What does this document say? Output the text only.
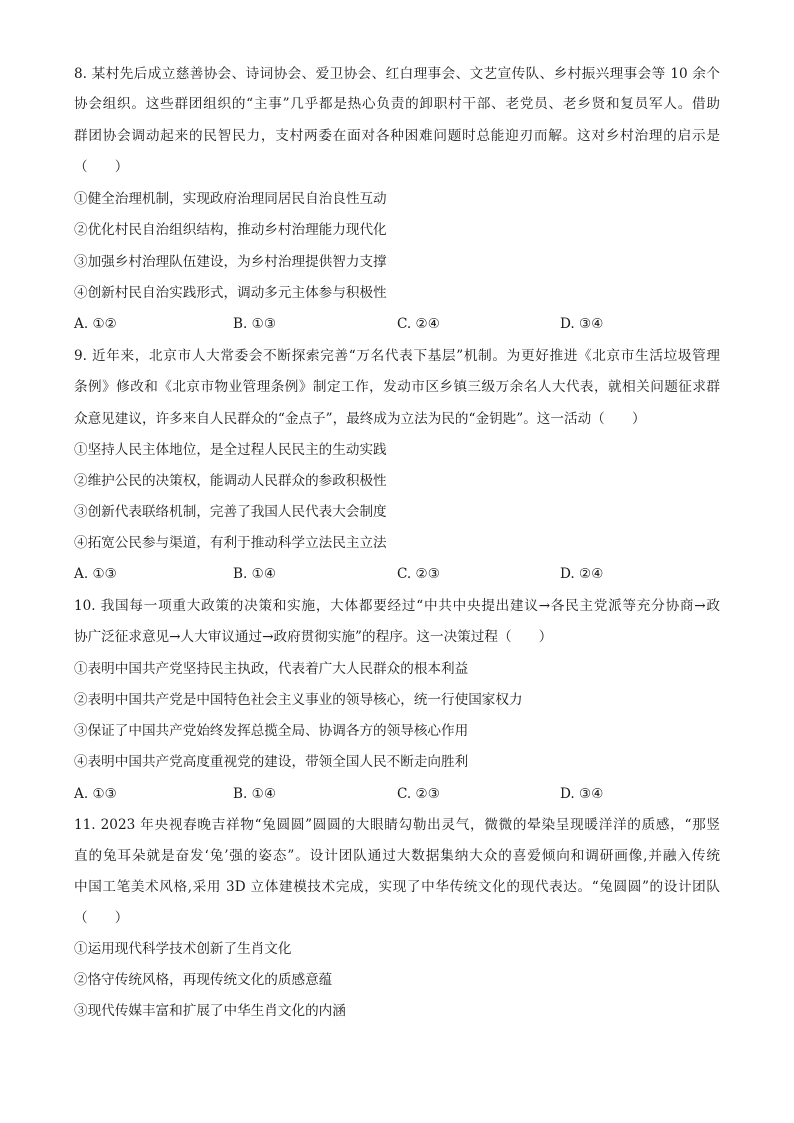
8. 某村先后成立慈善协会、诗词协会、爱卫协会、红白理事会、文艺宣传队、乡村振兴理事会等 10 余个
协会组织。这些群团组织的“主事”几乎都是热心负责的卸职村干部、老党员、老乡贤和复员军人。借助
群团协会调动起来的民智民力，支村两委在面对各种困难问题时总能迎刃而解。这对乡村治理的启示是
（　　）
①健全治理机制，实现政府治理同居民自治良性互动
②优化村民自治组织结构，推动乡村治理能力现代化
③加强乡村治理队伍建设，为乡村治理提供智力支撑
④创新村民自治实践形式，调动多元主体参与积极性
A. ①②	B. ①③	C. ②④	D. ③④
9. 近年来，北京市人大常委会不断探索完善“万名代表下基层”机制。为更好推进《北京市生活垃圾管理
条例》修改和《北京市物业管理条例》制定工作，发动市区乡镇三级万余名人大代表，就相关问题征求群
众意见建议，许多来自人民群众的“金点子”，最终成为立法为民的“金钥匙”。这一活动（　　）
①坚持人民主体地位，是全过程人民民主的生动实践
②维护公民的决策权，能调动人民群众的参政积极性
③创新代表联络机制，完善了我国人民代表大会制度
④拓宽公民参与渠道，有利于推动科学立法民主立法
A. ①③	B. ①④	C. ②③	D. ②④
10. 我国每一项重大政策的决策和实施，大体都要经过“中共中央提出建议→各民主党派等充分协商→政
协广泛征求意见→人大审议通过→政府贯彻实施”的程序。这一决策过程（　　）
①表明中国共产党坚持民主执政，代表着广大人民群众的根本利益
②表明中国共产党是中国特色社会主义事业的领导核心，统一行使国家权力
③保证了中国共产党始终发挥总揽全局、协调各方的领导核心作用
④表明中国共产党高度重视党的建设，带领全国人民不断走向胜利
A. ①③	B. ①④	C. ②③	D. ③④
11. 2023 年央视春晚吉祥物“兔圆圆”圆圆的大眼睛勾勒出灵气，微微的晕染呈现暖洋洋的质感，“那竖
直的兔耳朵就是奋发‘兔’强的姿态”。设计团队通过大数据集纳大众的喜爱倾向和调研画像,并融入传统
中国工笔美术风格,采用 3D 立体建模技术完成，实现了中华传统文化的现代表达。“兔圆圆”的设计团队
（　　）
①运用现代科学技术创新了生肖文化
②恪守传统风格，再现传统文化的质感意蕴
③现代传媒丰富和扩展了中华生肖文化的内涵
